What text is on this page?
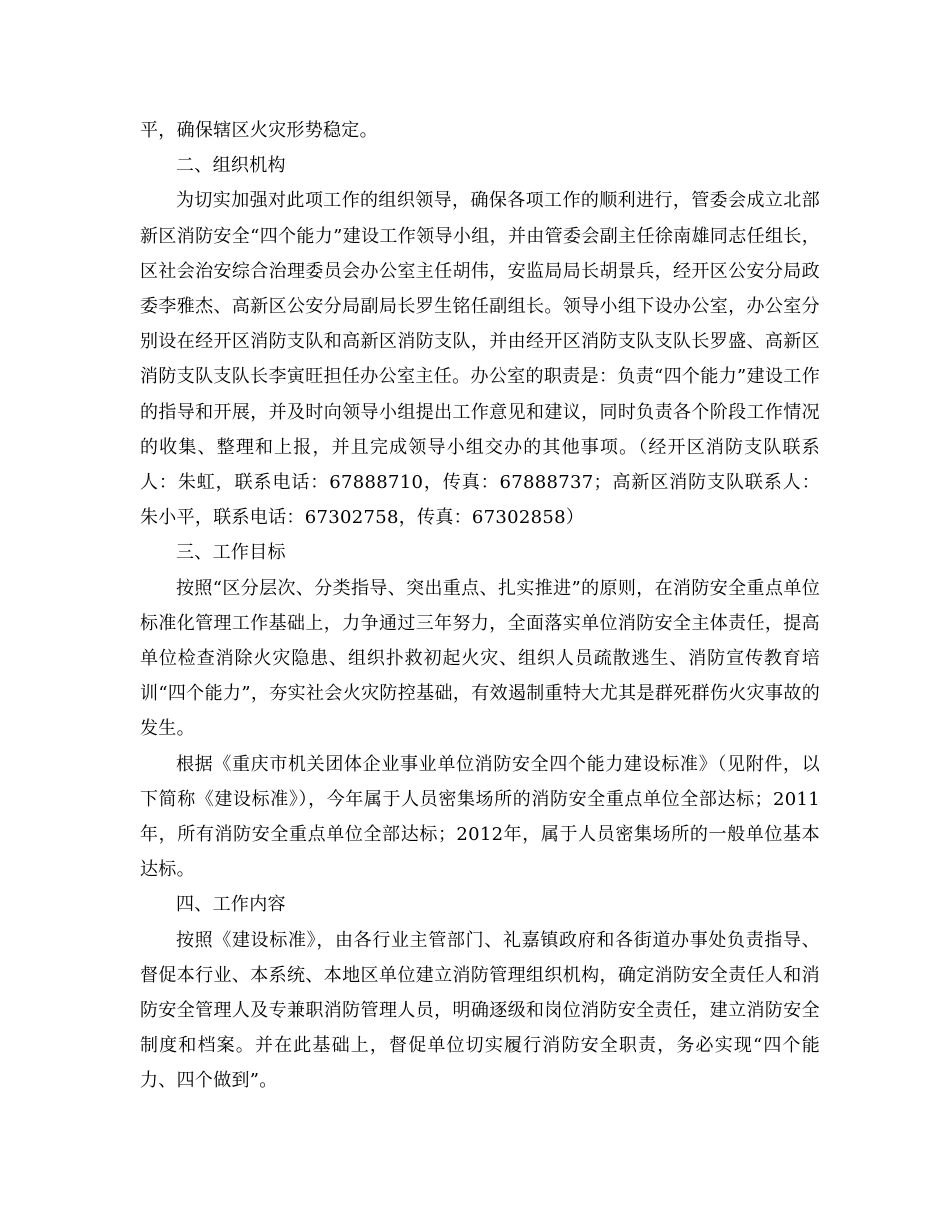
平，确保辖区火灾形势稳定。

二、组织机构

为切实加强对此项工作的组织领导，确保各项工作的顺利进行，管委会成立北部新区消防安全“四个能力”建设工作领导小组，并由管委会副主任徐南雄同志任组长，区社会治安综合治理委员会办公室主任胡伟，安监局局长胡景兵，经开区公安分局政委李雅杰、高新区公安分局副局长罗生铭任副组长。领导小组下设办公室，办公室分别设在经开区消防支队和高新区消防支队，并由经开区消防支队支队长罗盛、高新区消防支队支队长李寅旺担任办公室主任。办公室的职责是：负责“四个能力”建设工作的指导和开展，并及时向领导小组提出工作意见和建议，同时负责各个阶段工作情况的收集、整理和上报，并且完成领导小组交办的其他事项。（经开区消防支队联系人：朱虹，联系电话：67888710，传真：67888737；高新区消防支队联系人：朱小平，联系电话：67302758，传真：67302858）

三、工作目标

按照“区分层次、分类指导、突出重点、扎实推进”的原则，在消防安全重点单位标准化管理工作基础上，力争通过三年努力，全面落实单位消防安全主体责任，提高单位检查消除火灾隐患、组织扑救初起火灾、组织人员疏散逃生、消防宣传教育培训“四个能力”，夯实社会火灾防控基础，有效遏制重特大尤其是群死群伤火灾事故的发生。

根据《重庆市机关团体企业事业单位消防安全四个能力建设标准》（见附件，以下简称《建设标准》），今年属于人员密集场所的消防安全重点单位全部达标；2011年，所有消防安全重点单位全部达标；2012年，属于人员密集场所的一般单位基本达标。

四、工作内容

按照《建设标准》，由各行业主管部门、礼嘉镇政府和各街道办事处负责指导、督促本行业、本系统、本地区单位建立消防管理组织机构，确定消防安全责任人和消防安全管理人及专兼职消防管理人员，明确逐级和岗位消防安全责任，建立消防安全制度和档案。并在此基础上，督促单位切实履行消防安全职责，务必实现“四个能力、四个做到”。
